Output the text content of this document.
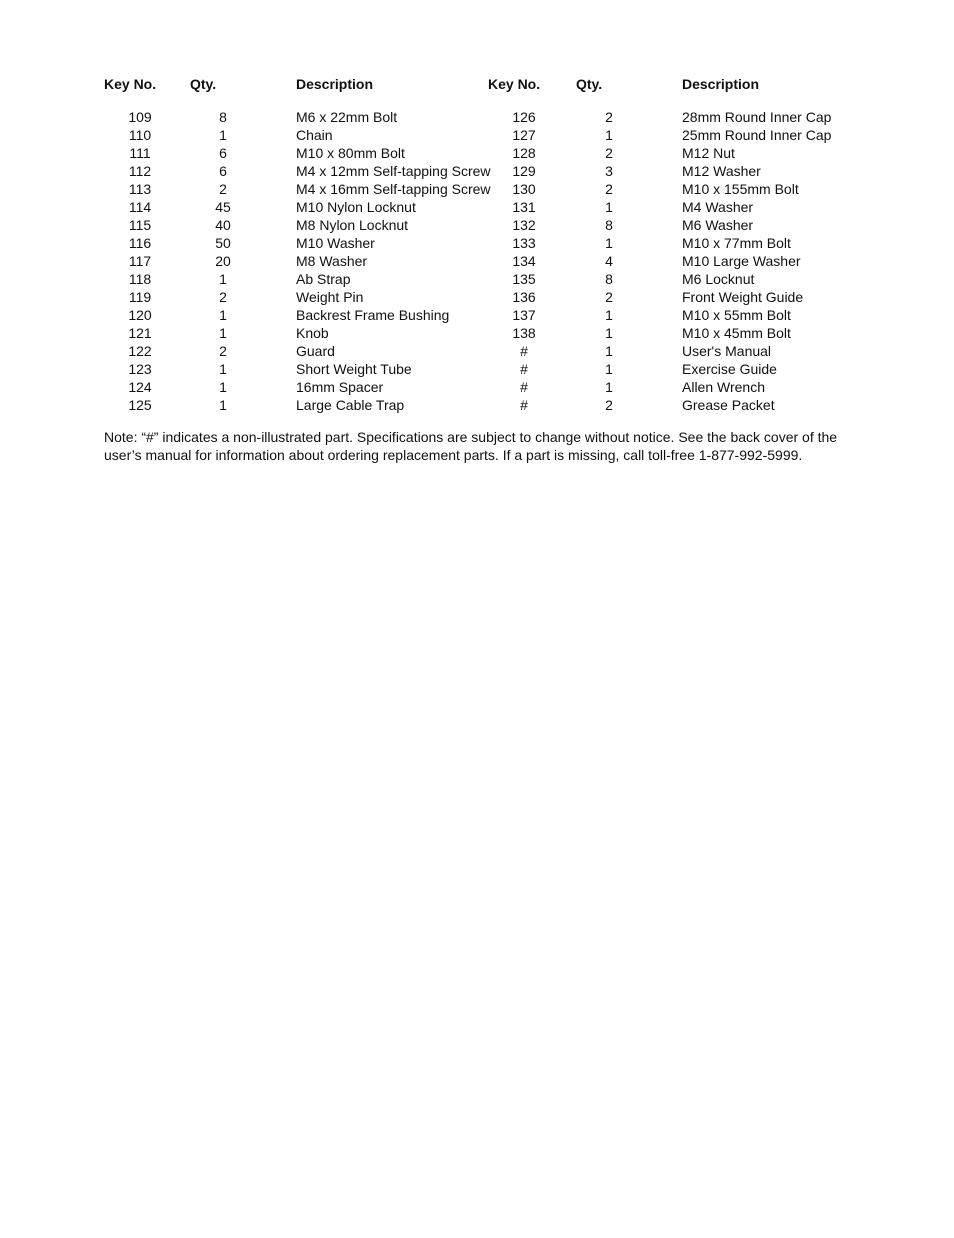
Key No.	Qty.	Description
109	8	M6 x 22mm Bolt
110	1	Chain
111	6	M10 x 80mm Bolt
112	6	M4 x 12mm Self-tapping Screw
113	2	M4 x 16mm Self-tapping Screw
114	45	M10 Nylon Locknut
115	40	M8 Nylon Locknut
116	50	M10 Washer
117	20	M8 Washer
118	1	Ab Strap
119	2	Weight Pin
120	1	Backrest Frame Bushing
121	1	Knob
122	2	Guard
123	1	Short Weight Tube
124	1	16mm Spacer
125	1	Large Cable Trap
Key No.	Qty.	Description
126	2	28mm Round Inner Cap
127	1	25mm Round Inner Cap
128	2	M12 Nut
129	3	M12 Washer
130	2	M10 x 155mm Bolt
131	1	M4 Washer
132	8	M6 Washer
133	1	M10 x 77mm Bolt
134	4	M10 Large Washer
135	8	M6 Locknut
136	2	Front Weight Guide
137	1	M10 x 55mm Bolt
138	1	M10 x 45mm Bolt
#	1	User's Manual
#	1	Exercise Guide
#	1	Allen Wrench
#	2	Grease Packet

Note: “#” indicates a non-illustrated part. Specifications are subject to change without notice. See the back cover of the user’s manual for information about ordering replacement parts. If a part is missing, call toll-free 1-877-992-5999.
